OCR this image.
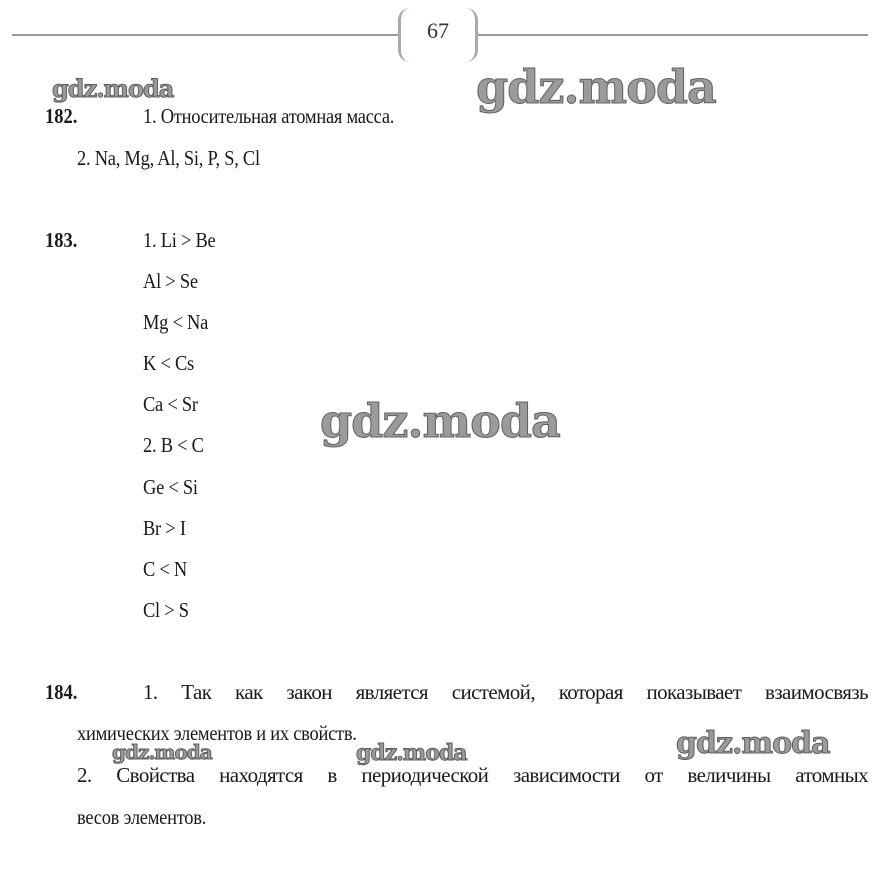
67
gdz.moda	gdz.moda
gdz.moda
gdz.moda	gdz.moda	gdz.moda
182.	1. Относительная атомная масса.
2. Na, Mg, Al, Si, P, S, Cl
183.	1. Li > Be
Al > Se
Mg < Na
K < Cs
Ca < Sr
2. B < C
Ge < Si
Br > I
C < N
Cl > S
184.	1. Так как закон является системой, которая показывает взаимосвязь
химических элементов и их свойств.
2. Свойства находятся в периодической зависимости от величины атомных
весов элементов.
